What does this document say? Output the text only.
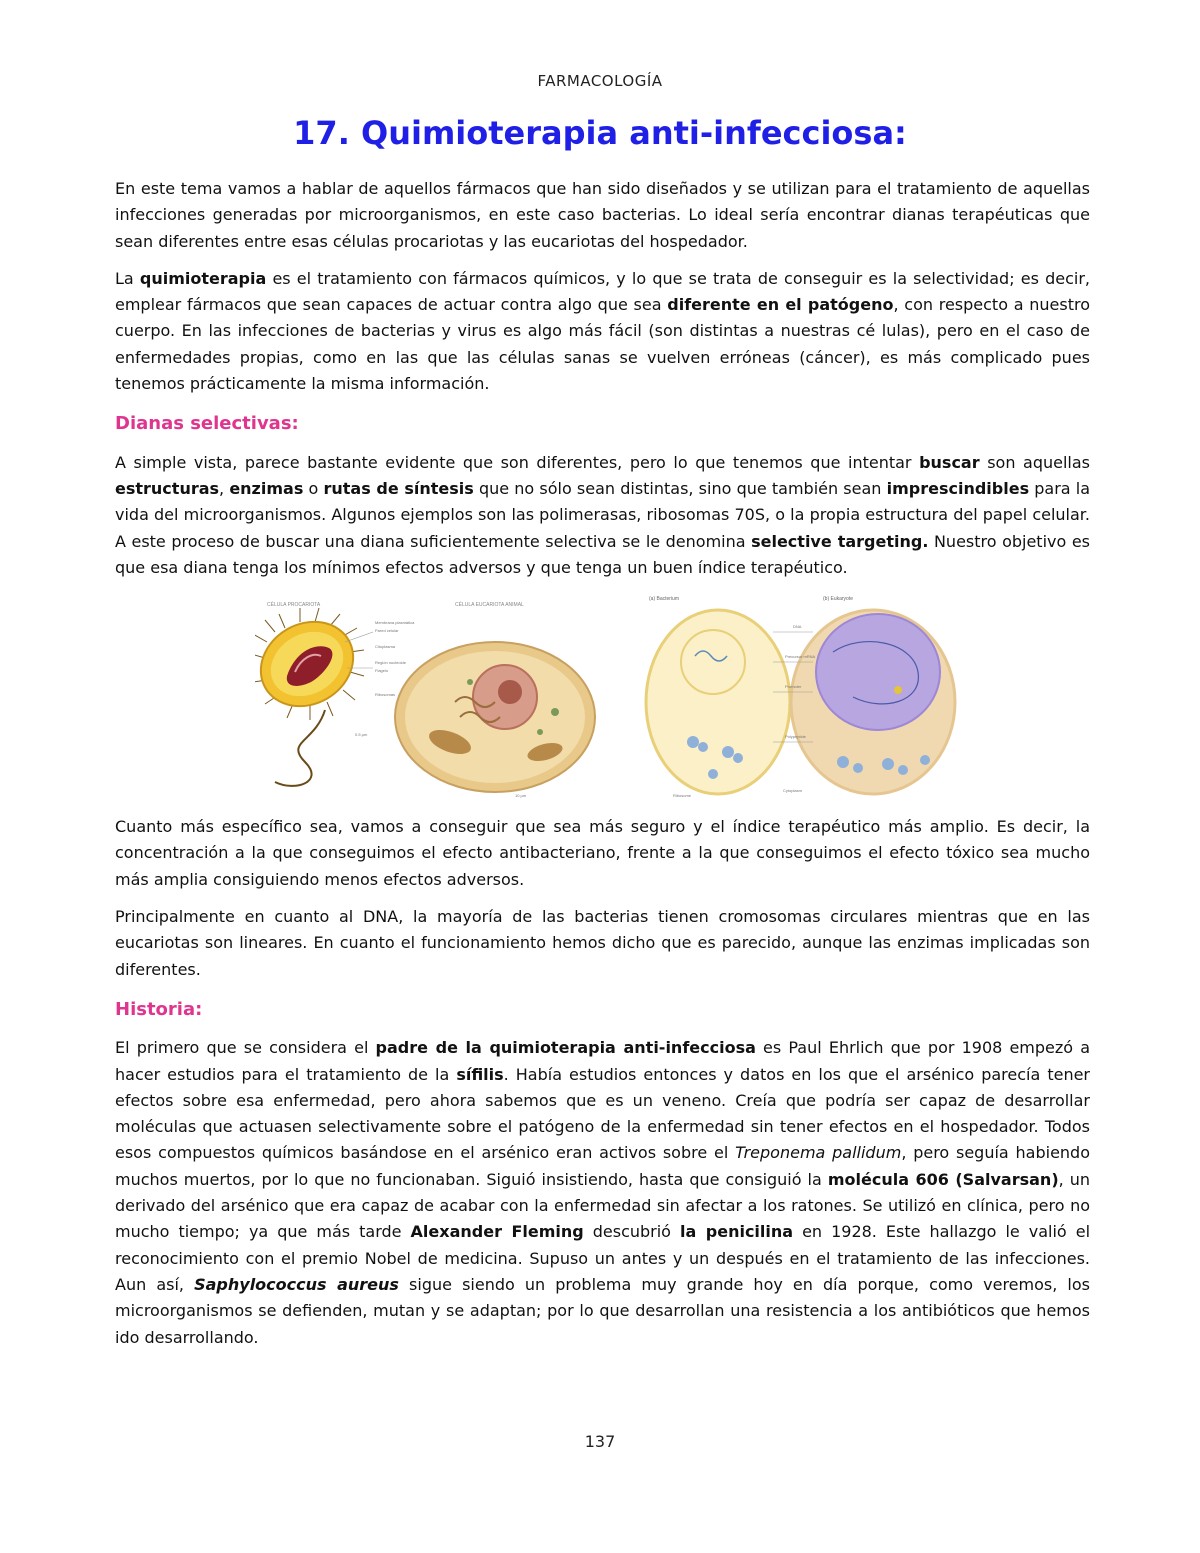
FARMACOLOGÍA
17. Quimioterapia anti-infecciosa:

En este tema vamos a hablar de aquellos fármacos que han sido diseñados y se utilizan para el tratamiento de aquellas infecciones generadas por microorganismos, en este caso bacterias. Lo ideal sería encontrar dianas terapéuticas que sean diferentes entre esas células procariotas y las eucariotas del hospedador.

La quimioterapia es el tratamiento con fármacos químicos, y lo que se trata de conseguir es la selectividad; es decir, emplear fármacos que sean capaces de actuar contra algo que sea diferente en el patógeno, con respecto a nuestro cuerpo. En las infecciones de bacterias y virus es algo más fácil (son distintas a nuestras cé lulas), pero en el caso de enfermedades propias, como en las que las células sanas se vuelven erróneas (cáncer), es más complicado pues tenemos prácticamente la misma información.

Dianas selectivas:

A simple vista, parece bastante evidente que son diferentes, pero lo que tenemos que intentar buscar son aquellas estructuras, enzimas o rutas de síntesis que no sólo sean distintas, sino que también sean imprescindibles para la vida del microorganismos. Algunos ejemplos son las polimerasas, ribosomas 70S, o la propia estructura del papel celular. A este proceso de buscar una diana suficientemente selectiva se le denomina selective targeting. Nuestro objetivo es que esa diana tenga los mínimos efectos adversos y que tenga un buen índice terapéutico.

CÉLULA PROCARIOTA	CÉLULA EUCARIOTA ANIMAL
Membrana plasmática
Pared celular
Citoplasma
Región nucleoide
Flagelo
Ribosomas
0.5 μm
10 μm
(a) Bacterium	(b) Eukaryote
DNA
Precursor mRNA
Promoter
Polypeptide
Ribosome
Cytoplasm

Cuanto más específico sea, vamos a conseguir que sea más seguro y el índice terapéutico más amplio. Es decir, la concentración a la que conseguimos el efecto antibacteriano, frente a la que conseguimos el efecto tóxico sea mucho más amplia consiguiendo menos efectos adversos.

Principalmente en cuanto al DNA, la mayoría de las bacterias tienen cromosomas circulares mientras que en las eucariotas son lineares. En cuanto el funcionamiento hemos dicho que es parecido, aunque las enzimas implicadas son diferentes.

Historia:

El primero que se considera el padre de la quimioterapia anti-infecciosa es Paul Ehrlich que por 1908 empezó a hacer estudios para el tratamiento de la sífilis. Había estudios entonces y datos en los que el arsénico parecía tener efectos sobre esa enfermedad, pero ahora sabemos que es un veneno. Creía que podría ser capaz de desarrollar moléculas que actuasen selectivamente sobre el patógeno de la enfermedad sin tener efectos en el hospedador. Todos esos compuestos químicos basándose en el arsénico eran activos sobre el Treponema pallidum, pero seguía habiendo muchos muertos, por lo que no funcionaban. Siguió insistiendo, hasta que consiguió la molécula 606 (Salvarsan), un derivado del arsénico que era capaz de acabar con la enfermedad sin afectar a los ratones. Se utilizó en clínica, pero no mucho tiempo; ya que más tarde Alexander Fleming descubrió la penicilina en 1928. Este hallazgo le valió el reconocimiento con el premio Nobel de medicina. Supuso un antes y un después en el tratamiento de las infecciones. Aun así, Saphylococcus aureus sigue siendo un problema muy grande hoy en día porque, como veremos, los microorganismos se defienden, mutan y se adaptan; por lo que desarrollan una resistencia a los antibióticos que hemos ido desarrollando.

137
